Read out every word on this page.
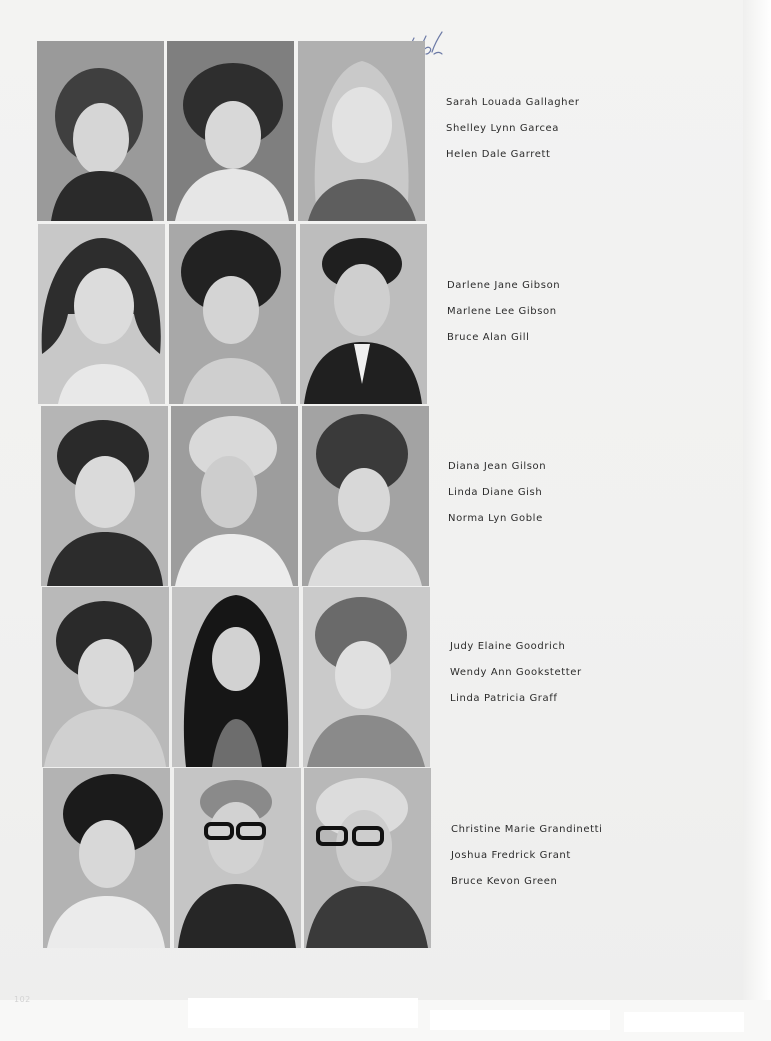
Sarah Louada Gallagher
Shelley Lynn Garcea
Helen Dale Garrett
Darlene Jane Gibson
Marlene Lee Gibson
Bruce Alan Gill
Diana Jean Gilson
Linda Diane Gish
Norma Lyn Goble
Judy Elaine Goodrich
Wendy Ann Gookstetter
Linda Patricia Graff
Christine Marie Grandinetti
Joshua Fredrick Grant
Bruce Kevon Green
102
